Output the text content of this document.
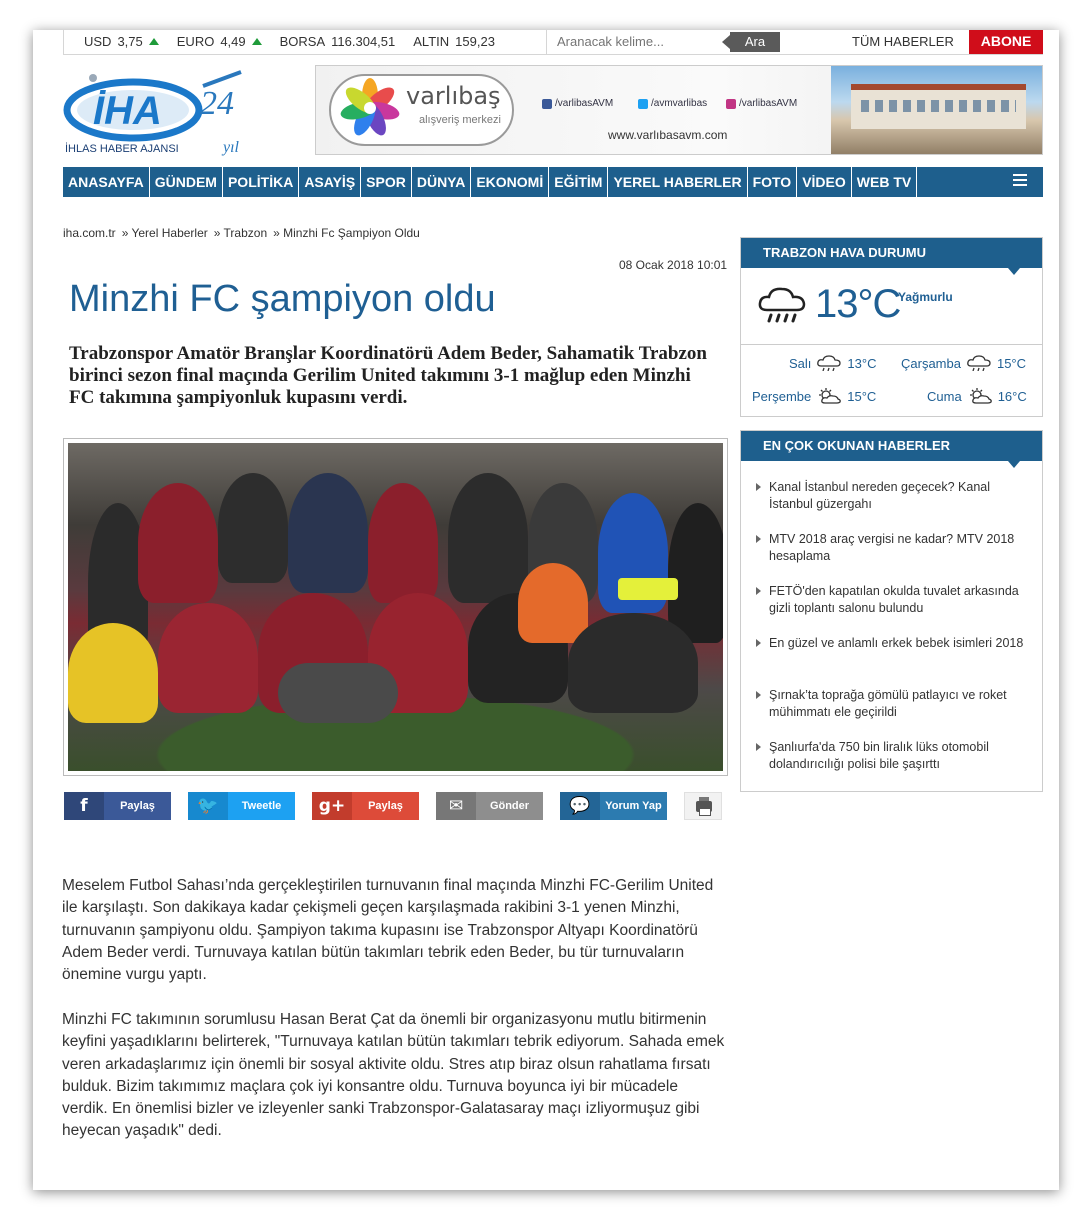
USD 3,75	EURO 4,49	BORSA 116.304,51 ALTIN 159,23
Aranacak kelime...	Ara	TÜM HABERLER	ABONE
İHA 24
yıl
İHLAS HABER AJANSI
varlıbaş
alışveriş merkezi
/varlibasAVM	/avmvarlibas	/varlibasAVM
www.varlıbasavm.com
ANASAYFA GÜNDEM POLİTİKA ASAYİŞ SPOR DÜNYA EKONOMİ EĞİTİM YEREL HABERLER FOTO VİDEO WEB TV
iha.com.tr » Yerel Haberler » Trabzon » Minzhi Fc Şampiyon Oldu
08 Ocak 2018 10:01
Minzhi FC şampiyon oldu
Trabzonspor Amatör Branşlar Koordinatörü Adem Beder, Sahamatik Trabzon birinci sezon final maçında Gerilim United takımını 3-1 mağlup eden Minzhi FC takımına şampiyonluk kupasını verdi.
f	Paylaş	🐦	Tweetle	g+	Paylaş	✉	Gönder	💬	Yorum Yap

Meselem Futbol Sahası’nda gerçekleştirilen turnuvanın final maçında Minzhi FC-Gerilim United ile karşılaştı. Son dakikaya kadar çekişmeli geçen karşılaşmada rakibini 3-1 yenen Minzhi, turnuvanın şampiyonu oldu. Şampiyon takıma kupasını ise Trabzonspor Altyapı Koordinatörü Adem Beder verdi. Turnuvaya katılan bütün takımları tebrik eden Beder, bu tür turnuvaların önemine vurgu yaptı.

Minzhi FC takımının sorumlusu Hasan Berat Çat da önemli bir organizasyonu mutlu bitirmenin keyfini yaşadıklarını belirterek, "Turnuvaya katılan bütün takımları tebrik ediyorum. Sahada emek veren arkadaşlarımız için önemli bir sosyal aktivite oldu. Stres atıp biraz olsun rahatlama fırsatı bulduk. Bizim takımımız maçlara çok iyi konsantre oldu. Turnuva boyunca iyi bir mücadele verdik. En önemlisi bizler ve izleyenler sanki Trabzonspor-Galatasaray maçı izliyormuşuz gibi heyecan yaşadık" dedi.

TRABZON HAVA DURUMU
13°C
Yağmurlu
Salı	13°C Çarşamba	15°C
Perşembe	15°C	Cuma	16°C
EN ÇOK OKUNAN HABERLER
Kanal İstanbul nereden geçecek? Kanal İstanbul güzergahı
MTV 2018 araç vergisi ne kadar? MTV 2018 hesaplama
FETÖ'den kapatılan okulda tuvalet arkasında gizli toplantı salonu bulundu
En güzel ve anlamlı erkek bebek isimleri 2018
Şırnak’ta toprağa gömülü patlayıcı ve roket mühimmatı ele geçirildi
Şanlıurfa'da 750 bin liralık lüks otomobil dolandırıcılığı polisi bile şaşırttı
